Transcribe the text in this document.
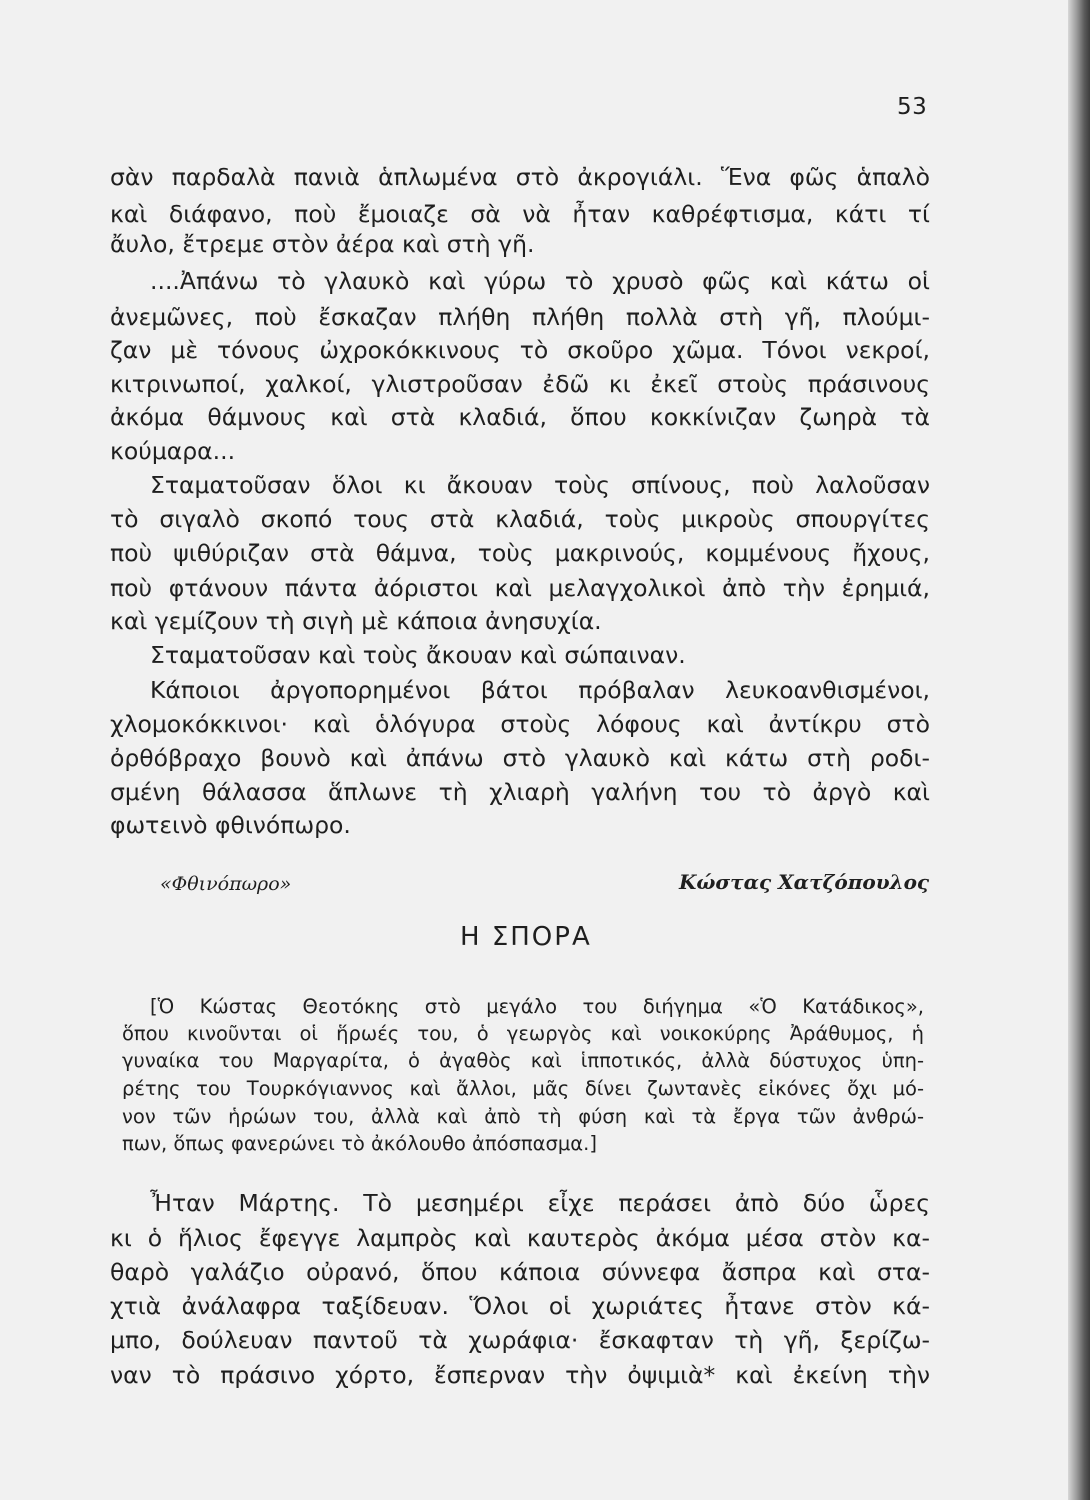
53
σὰν παρδαλὰ πανιὰ ἁπλωμένα στὸ ἀκρογιάλι. Ἕνα φῶς ἁπαλὸ
καὶ διάφανο, ποὺ ἔμοιαζε σὰ νὰ ἦταν καθρέφτισμα, κάτι τί
ἄυλο, ἔτρεμε στὸν ἀέρα καὶ στὴ γῆ.
....Ἀπάνω τὸ γλαυκὸ καὶ γύρω τὸ χρυσὸ φῶς καὶ κάτω οἱ
ἀνεμῶνες, ποὺ ἔσκαζαν πλήθη πλήθη πολλὰ στὴ γῆ, πλούμι-
ζαν μὲ τόνους ὠχροκόκκινους τὸ σκοῦρο χῶμα. Τόνοι νεκροί,
κιτρινωποί, χαλκοί, γλιστροῦσαν ἐδῶ κι ἐκεῖ στοὺς πράσινους
ἀκόμα θάμνους καὶ στὰ κλαδιά, ὅπου κοκκίνιζαν ζωηρὰ τὰ
κούμαρα...
Σταματοῦσαν ὅλοι κι ἄκουαν τοὺς σπίνους, ποὺ λαλοῦσαν
τὸ σιγαλὸ σκοπό τους στὰ κλαδιά, τοὺς μικροὺς σπουργίτες
ποὺ ψιθύριζαν στὰ θάμνα, τοὺς μακρινούς, κομμένους ἤχους,
ποὺ φτάνουν πάντα ἀόριστοι καὶ μελαγχολικοὶ ἀπὸ τὴν ἐρημιά,
καὶ γεμίζουν τὴ σιγὴ μὲ κάποια ἀνησυχία.
Σταματοῦσαν καὶ τοὺς ἄκουαν καὶ σώπαιναν.
Κάποιοι ἀργοπορημένοι βάτοι πρόβαλαν λευκοανθισμένοι,
χλομοκόκκινοι· καὶ ὁλόγυρα στοὺς λόφους καὶ ἀντίκρυ στὸ
ὀρθόβραχο βουνὸ καὶ ἀπάνω στὸ γλαυκὸ καὶ κάτω στὴ ροδι-
σμένη θάλασσα ἅπλωνε τὴ χλιαρὴ γαλήνη του τὸ ἀργὸ καὶ
φωτεινὸ φθινόπωρο.
«Φθινόπωρο»	Κώστας Χατζόπουλος
Η ΣΠΟΡΑ
[Ὁ Κώστας Θεοτόκης στὸ μεγάλο του διήγημα «Ὁ Κατάδικος»,
ὅπου κινοῦνται οἱ ἥρωές του, ὁ γεωργὸς καὶ νοικοκύρης Ἀράθυμος, ἡ
γυναίκα του Μαργαρίτα, ὁ ἀγαθὸς καὶ ἱπποτικός, ἀλλὰ δύστυχος ὑπη-
ρέτης του Τουρκόγιαννος καὶ ἄλλοι, μᾶς δίνει ζωντανὲς εἰκόνες ὄχι μό-
νον τῶν ἡρώων του, ἀλλὰ καὶ ἀπὸ τὴ φύση καὶ τὰ ἔργα τῶν ἀνθρώ-
πων, ὅπως φανερώνει τὸ ἀκόλουθο ἀπόσπασμα.]
Ἦταν Μάρτης. Τὸ μεσημέρι εἶχε περάσει ἀπὸ δύο ὧρες
κι ὁ ἥλιος ἔφεγγε λαμπρὸς καὶ καυτερὸς ἀκόμα μέσα στὸν κα-
θαρὸ γαλάζιο οὐρανό, ὅπου κάποια σύννεφα ἄσπρα καὶ στα-
χτιὰ ἀνάλαφρα ταξίδευαν. Ὅλοι οἱ χωριάτες ἦτανε στὸν κά-
μπο, δούλευαν παντοῦ τὰ χωράφια· ἔσκαφταν τὴ γῆ, ξερίζω-
ναν τὸ πράσινο χόρτο, ἔσπερναν τὴν ὀψιμιὰ* καὶ ἐκείνη τὴν
